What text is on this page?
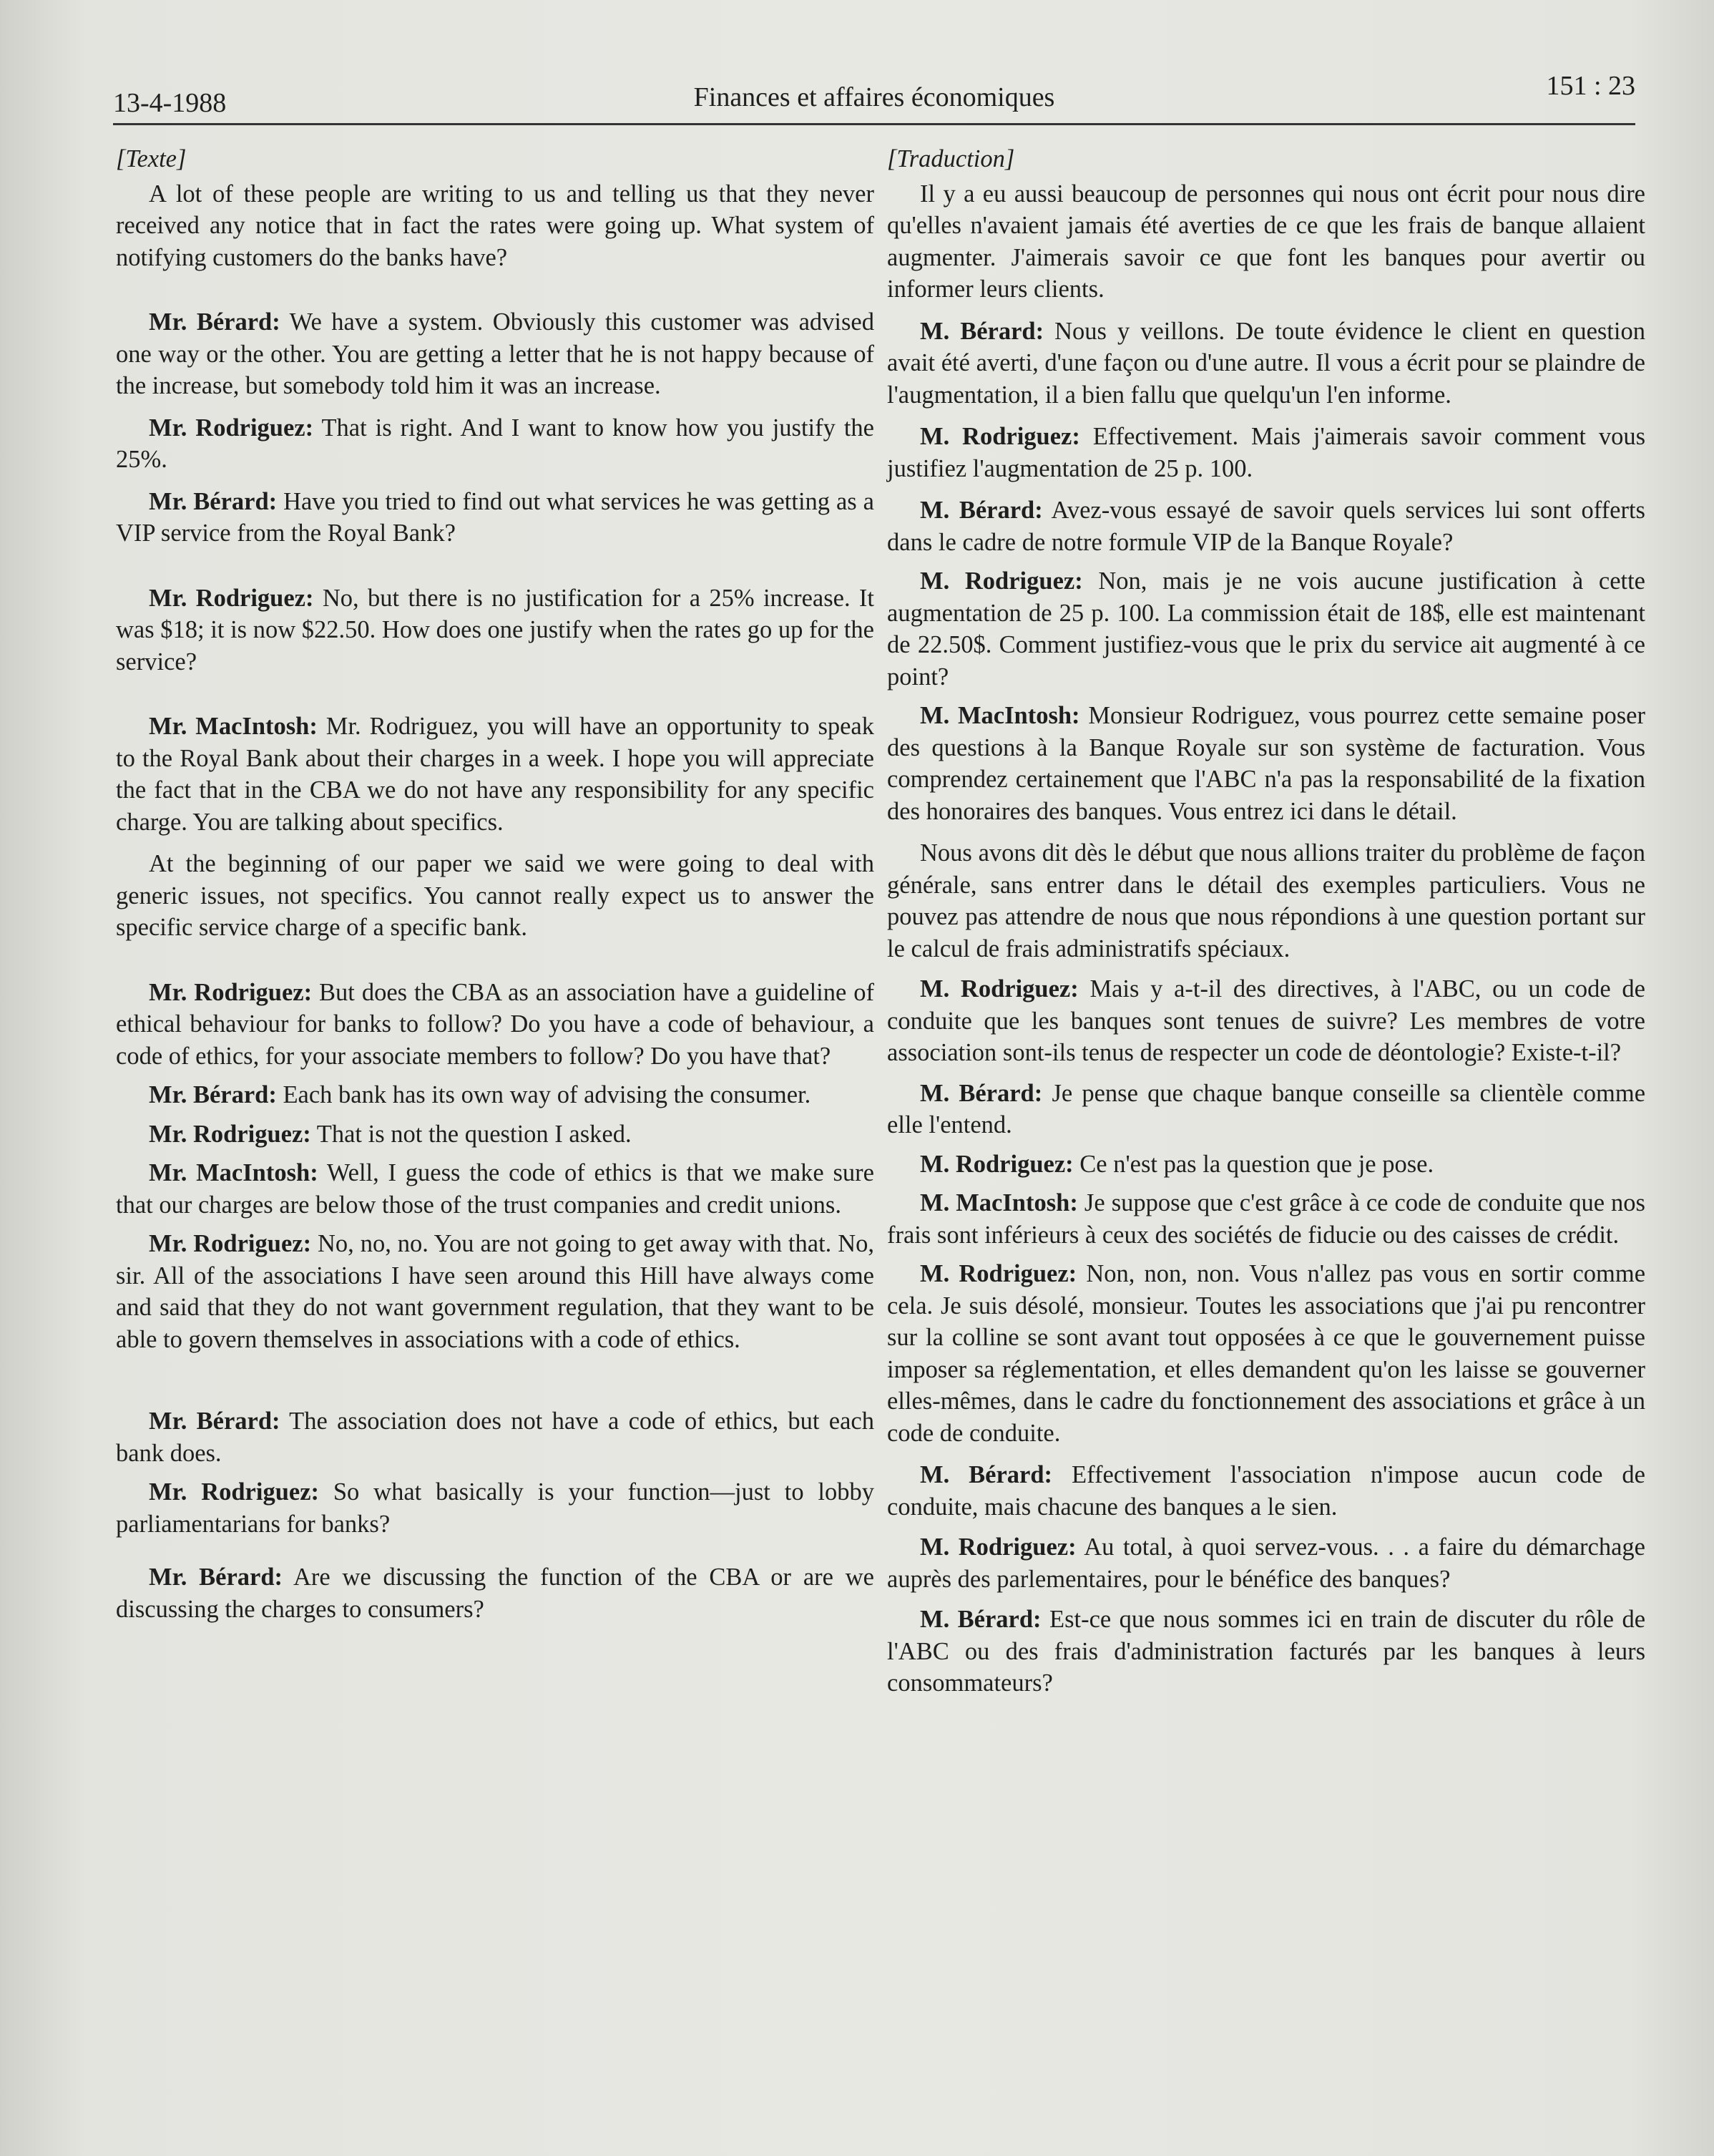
13-4-1988	Finances et affaires économiques	151 : 23
[Texte]

A lot of these people are writing to us and telling us that they never received any notice that in fact the rates were going up. What system of notifying customers do the banks have?

Mr. Bérard: We have a system. Obviously this customer was advised one way or the other. You are getting a letter that he is not happy because of the increase, but somebody told him it was an increase.

Mr. Rodriguez: That is right. And I want to know how you justify the 25%.

Mr. Bérard: Have you tried to find out what services he was getting as a VIP service from the Royal Bank?

Mr. Rodriguez: No, but there is no justification for a 25% increase. It was $18; it is now $22.50. How does one justify when the rates go up for the service?

Mr. MacIntosh: Mr. Rodriguez, you will have an opportunity to speak to the Royal Bank about their charges in a week. I hope you will appreciate the fact that in the CBA we do not have any responsibility for any specific charge. You are talking about specifics.

At the beginning of our paper we said we were going to deal with generic issues, not specifics. You cannot really expect us to answer the specific service charge of a specific bank.

Mr. Rodriguez: But does the CBA as an association have a guideline of ethical behaviour for banks to follow? Do you have a code of behaviour, a code of ethics, for your associate members to follow? Do you have that?

Mr. Bérard: Each bank has its own way of advising the consumer.

Mr. Rodriguez: That is not the question I asked.

Mr. MacIntosh: Well, I guess the code of ethics is that we make sure that our charges are below those of the trust companies and credit unions.

Mr. Rodriguez: No, no, no. You are not going to get away with that. No, sir. All of the associations I have seen around this Hill have always come and said that they do not want government regulation, that they want to be able to govern themselves in associations with a code of ethics.

Mr. Bérard: The association does not have a code of ethics, but each bank does.

Mr. Rodriguez: So what basically is your function—just to lobby parliamentarians for banks?

Mr. Bérard: Are we discussing the function of the CBA or are we discussing the charges to consumers?

[Traduction]

Il y a eu aussi beaucoup de personnes qui nous ont écrit pour nous dire qu'elles n'avaient jamais été averties de ce que les frais de banque allaient augmenter. J'aimerais savoir ce que font les banques pour avertir ou informer leurs clients.

M. Bérard: Nous y veillons. De toute évidence le client en question avait été averti, d'une façon ou d'une autre. Il vous a écrit pour se plaindre de l'augmentation, il a bien fallu que quelqu'un l'en informe.

M. Rodriguez: Effectivement. Mais j'aimerais savoir comment vous justifiez l'augmentation de 25 p. 100.

M. Bérard: Avez-vous essayé de savoir quels services lui sont offerts dans le cadre de notre formule VIP de la Banque Royale?

M. Rodriguez: Non, mais je ne vois aucune justification à cette augmentation de 25 p. 100. La commission était de 18$, elle est maintenant de 22.50$. Comment justifiez-vous que le prix du service ait augmenté à ce point?

M. MacIntosh: Monsieur Rodriguez, vous pourrez cette semaine poser des questions à la Banque Royale sur son système de facturation. Vous comprendez certainement que l'ABC n'a pas la responsabilité de la fixation des honoraires des banques. Vous entrez ici dans le détail.

Nous avons dit dès le début que nous allions traiter du problème de façon générale, sans entrer dans le détail des exemples particuliers. Vous ne pouvez pas attendre de nous que nous répondions à une question portant sur le calcul de frais administratifs spéciaux.

M. Rodriguez: Mais y a-t-il des directives, à l'ABC, ou un code de conduite que les banques sont tenues de suivre? Les membres de votre association sont-ils tenus de respecter un code de déontologie? Existe-t-il?

M. Bérard: Je pense que chaque banque conseille sa clientèle comme elle l'entend.

M. Rodriguez: Ce n'est pas la question que je pose.

M. MacIntosh: Je suppose que c'est grâce à ce code de conduite que nos frais sont inférieurs à ceux des sociétés de fiducie ou des caisses de crédit.

M. Rodriguez: Non, non, non. Vous n'allez pas vous en sortir comme cela. Je suis désolé, monsieur. Toutes les associations que j'ai pu rencontrer sur la colline se sont avant tout opposées à ce que le gouvernement puisse imposer sa réglementation, et elles demandent qu'on les laisse se gouverner elles-mêmes, dans le cadre du fonctionnement des associations et grâce à un code de conduite.

M. Bérard: Effectivement l'association n'impose aucun code de conduite, mais chacune des banques a le sien.

M. Rodriguez: Au total, à quoi servez-vous. . . a faire du démarchage auprès des parlementaires, pour le bénéfice des banques?

M. Bérard: Est-ce que nous sommes ici en train de discuter du rôle de l'ABC ou des frais d'administration facturés par les banques à leurs consommateurs?
